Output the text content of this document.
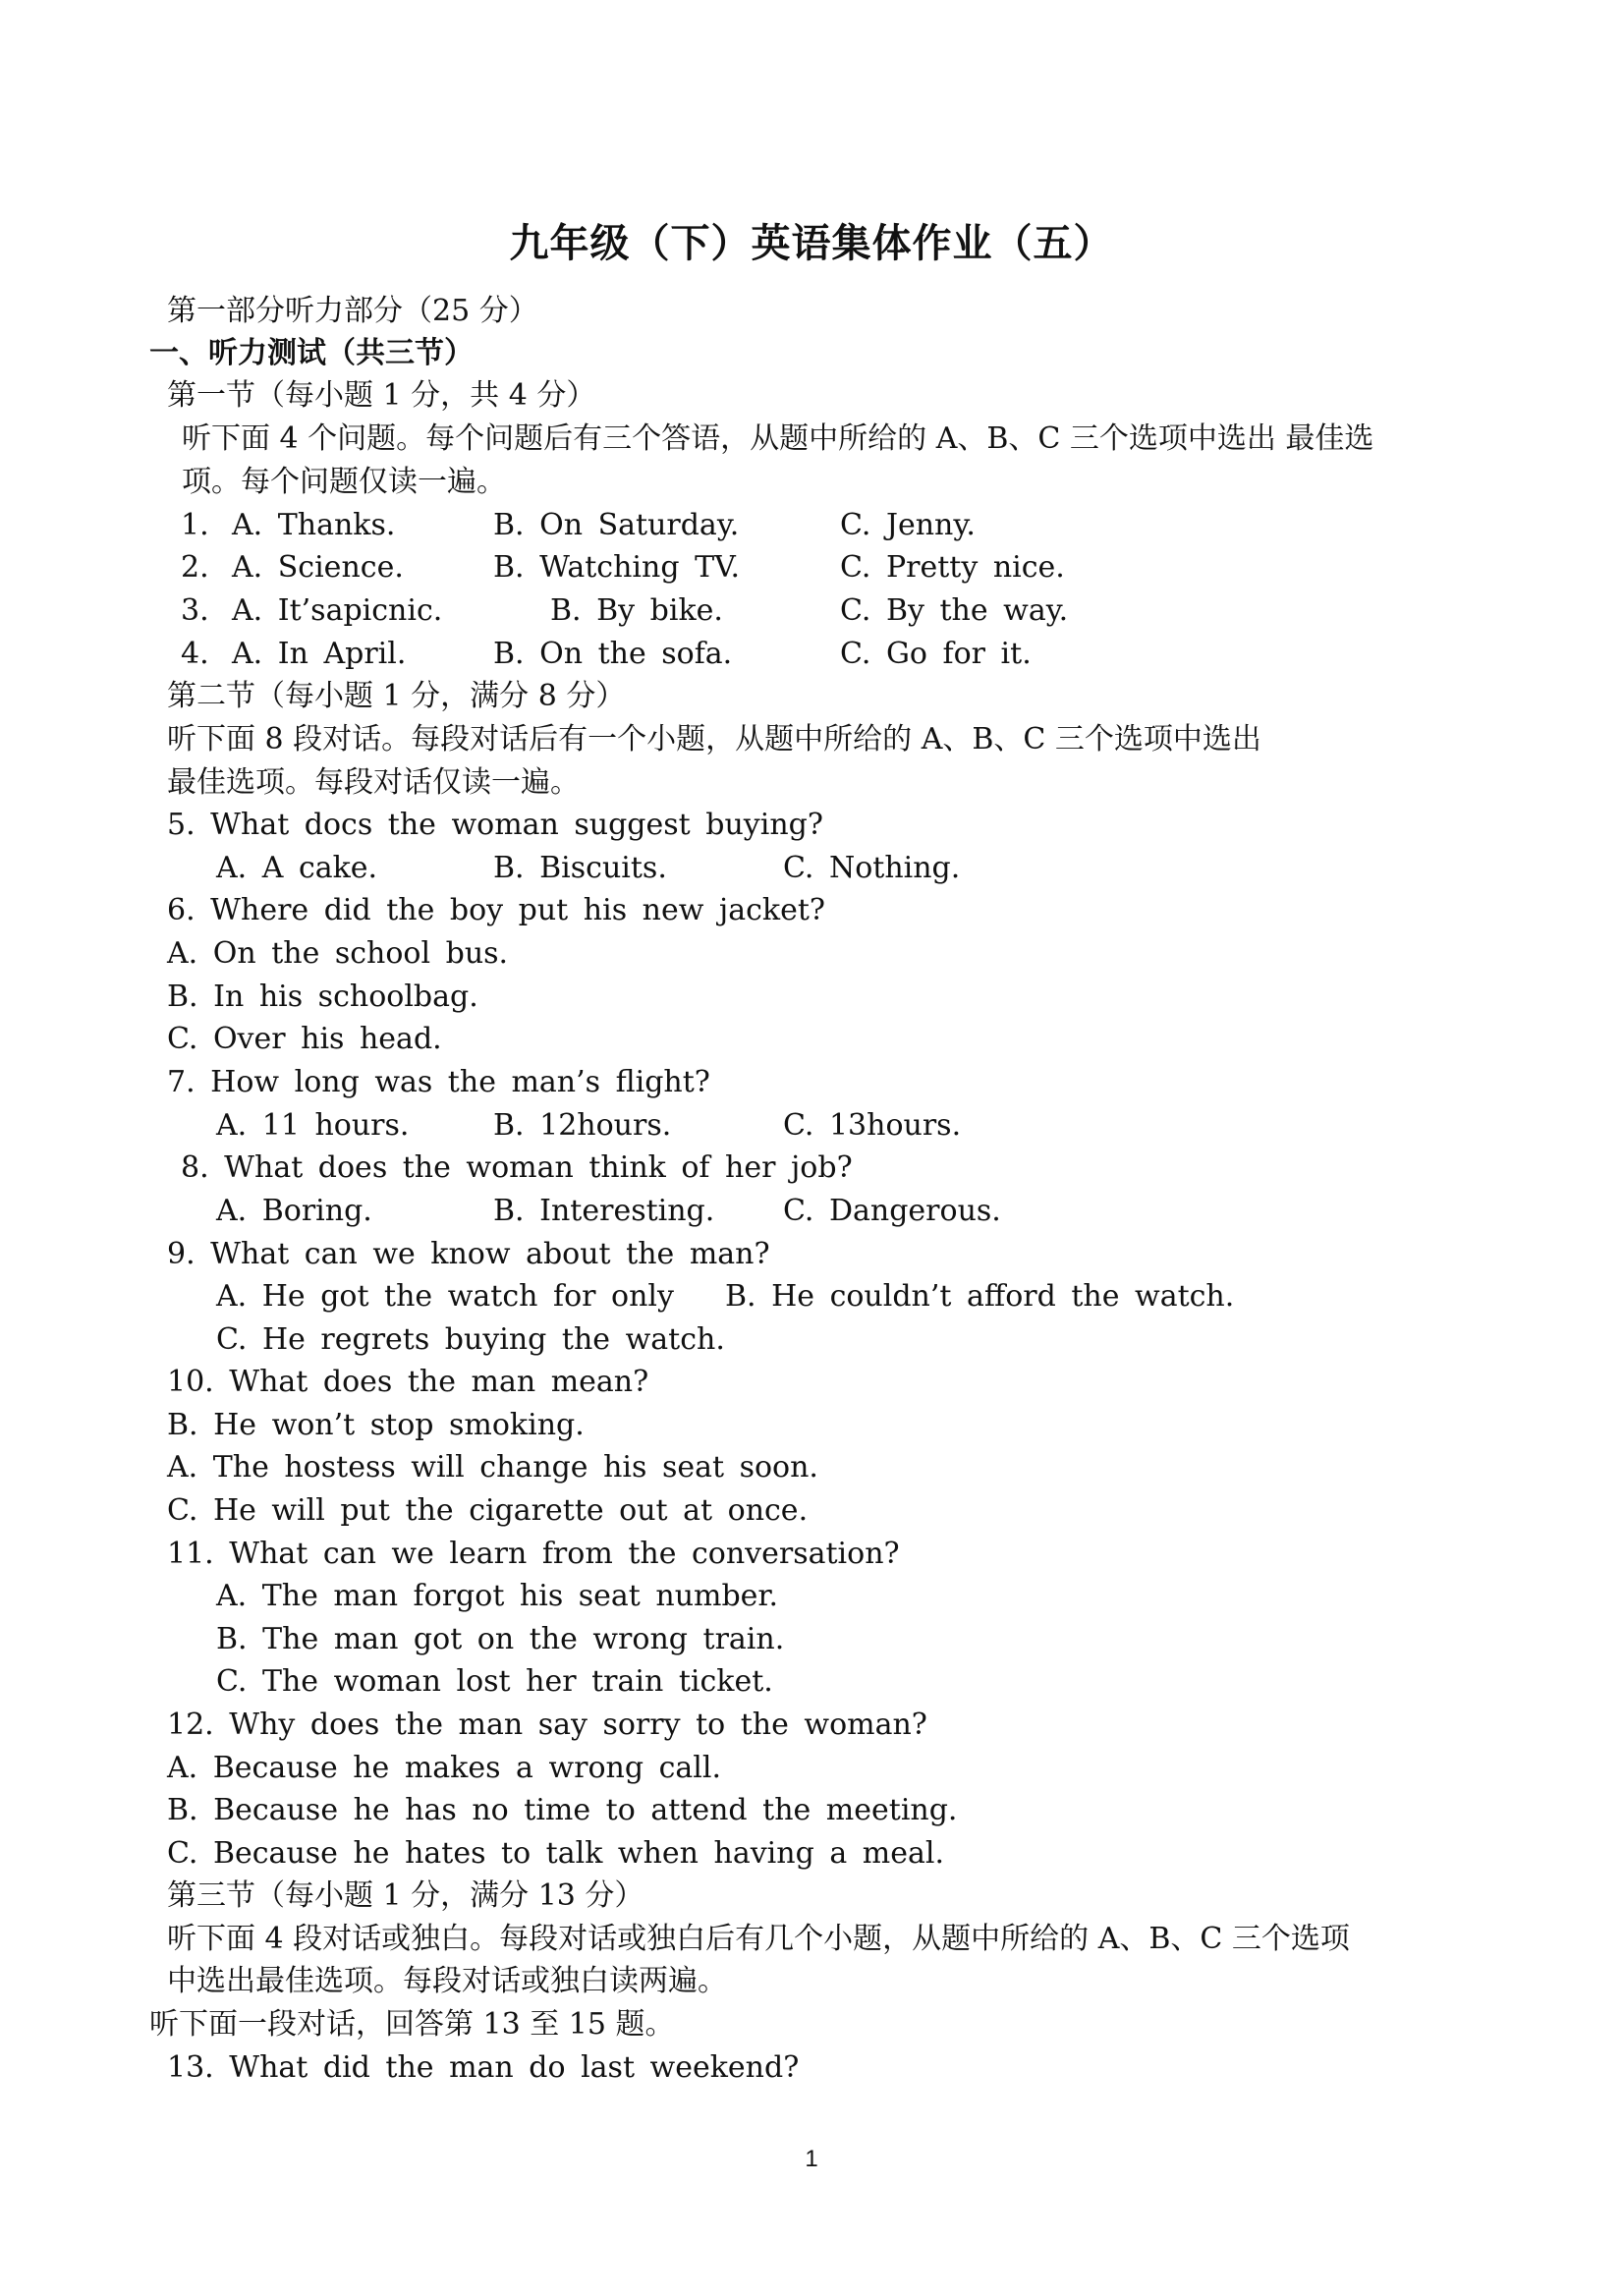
九年级（下）英语集体作业（五）
第一部分听力部分（25 分）
一、听力测试（共三节）
第一节（每小题 1 分，共 4 分）
听下面 4 个问题。每个问题后有三个答语，从题中所给的 A、B、C 三个选项中选出 最佳选
项。每个问题仅读一遍。
1. A. Thanks.	B. On Saturday.	C. Jenny.
2. A. Science.	B. Watching TV.	C. Pretty nice.
3. A. It’sapicnic.	B. By bike.	C. By the way.
4. A. In April.	B. On the sofa.	C. Go for it.
第二节（每小题 1 分，满分 8 分）
听下面 8 段对话。每段对话后有一个小题，从题中所给的 A、B、C 三个选项中选出
最佳选项。每段对话仅读一遍。
5. What docs the woman suggest buying?
A. A cake.	B. Biscuits.	C. Nothing.
6. Where did the boy put his new jacket?
A. On the school bus.
B. In his schoolbag.
C. Over his head.
7. How long was the man’s flight?
A. 11 hours.	B. 12hours.	C. 13hours.
8. What does the woman think of her job?
A. Boring.	B. Interesting. C. Dangerous.
9. What can we know about the man?
A. He got the watch for only B. He couldn’t afford the watch.
C. He regrets buying the watch.
10. What does the man mean?
B. He won’t stop smoking.
A. The hostess will change his seat soon.
C. He will put the cigarette out at once.
11. What can we learn from the conversation?
A. The man forgot his seat number.
B. The man got on the wrong train.
C. The woman lost her train ticket.
12. Why does the man say sorry to the woman?
A. Because he makes a wrong call.
B. Because he has no time to attend the meeting.
C. Because he hates to talk when having a meal.
第三节（每小题 1 分，满分 13 分）
听下面 4 段对话或独白。每段对话或独白后有几个小题，从题中所给的 A、B、C 三个选项
中选出最佳选项。每段对话或独白读两遍。
听下面一段对话，回答第 13 至 15 题。
13. What did the man do last weekend?
1
